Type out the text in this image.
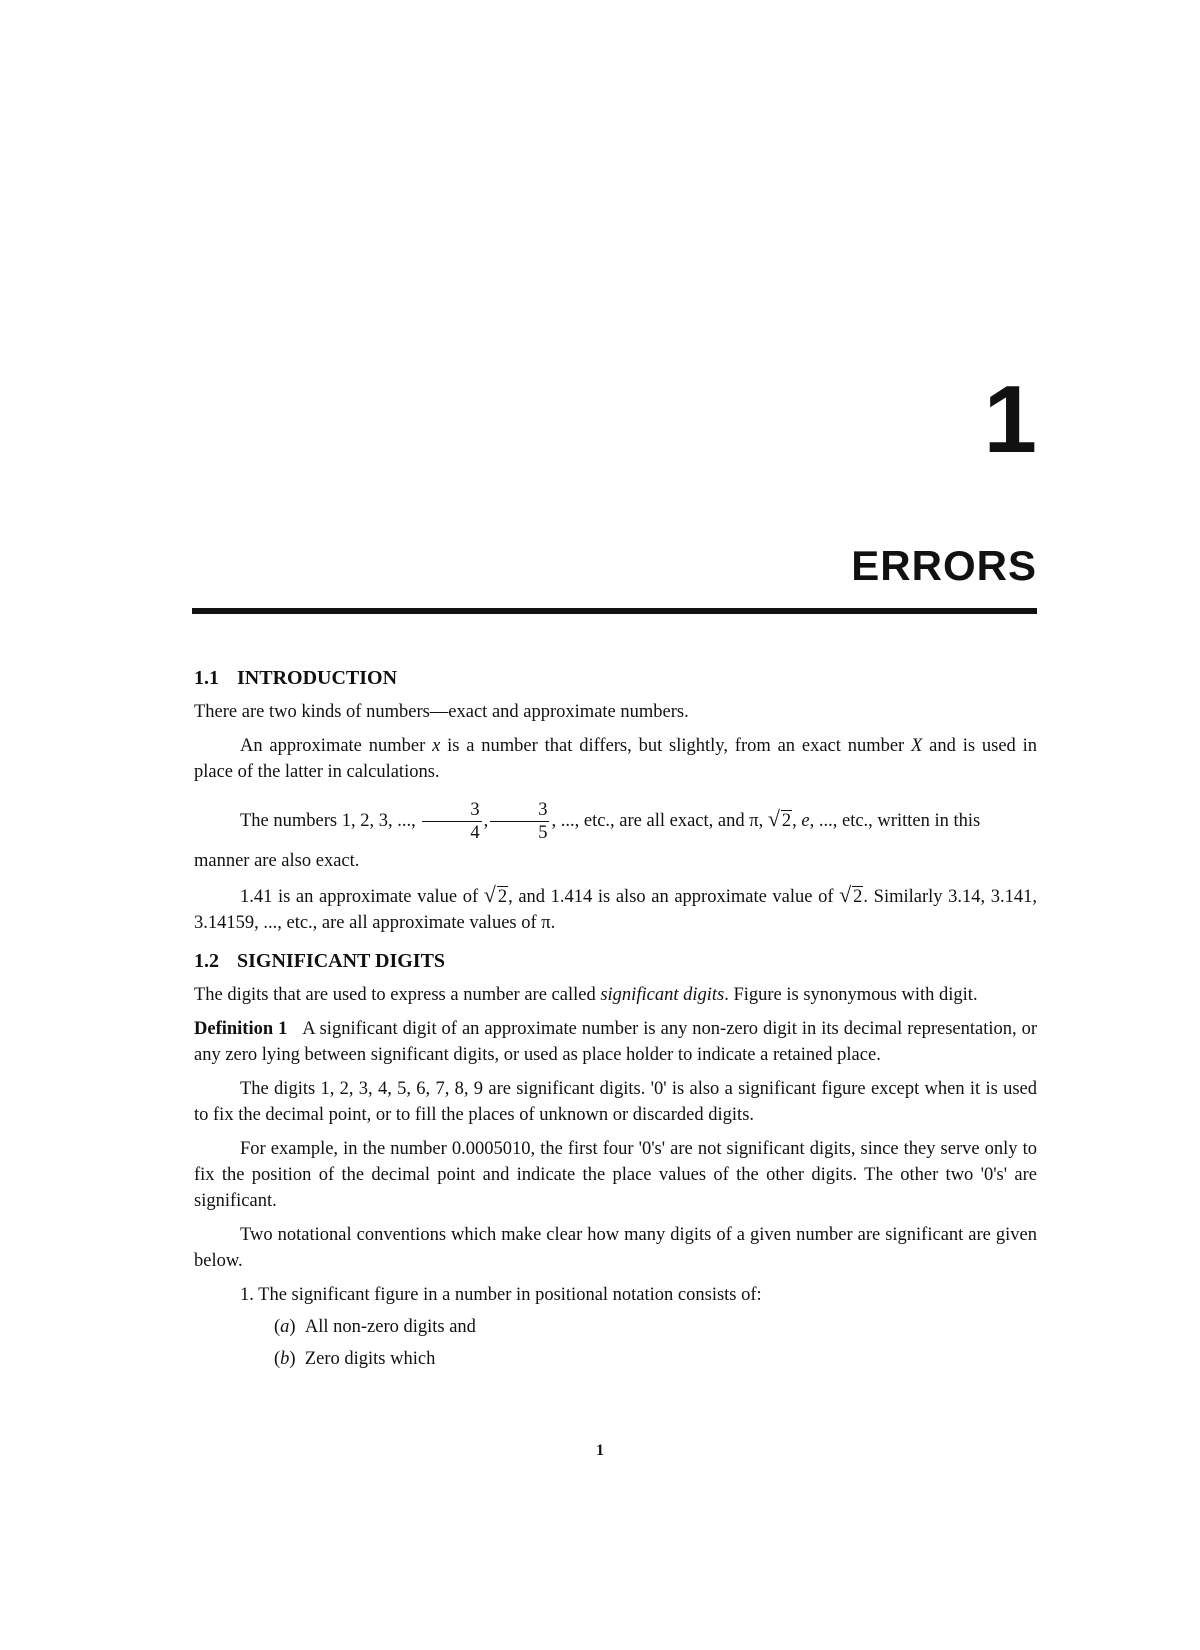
1
ERRORS
1.1 INTRODUCTION

There are two kinds of numbers—exact and approximate numbers.

An approximate number x is a number that differs, but slightly, from an exact number X and is used in place of the latter in calculations.

The numbers 1, 2, 3, ..., $\frac{3}{4}$ , $\frac{3}{5}$ , ..., etc., are all exact, and π, √ 2, e, ..., etc., written in this

manner are also exact.

1.41 is an approximate value of √ 2, and 1.414 is also an approximate value of √ 2. Similarly 3.14, 3.141, 3.14159, ..., etc., are all approximate values of π.

1.2 SIGNIFICANT DIGITS

The digits that are used to express a number are called significant digits. Figure is synonymous with digit.

Definition 1 A significant digit of an approximate number is any non-zero digit in its decimal representation, or any zero lying between significant digits, or used as place holder to indicate a retained place.

The digits 1, 2, 3, 4, 5, 6, 7, 8, 9 are significant digits. '0' is also a significant figure except when it is used to fix the decimal point, or to fill the places of unknown or discarded digits.

For example, in the number 0.0005010, the first four '0's' are not significant digits, since they serve only to fix the position of the decimal point and indicate the place values of the other digits. The other two '0's' are significant.

Two notational conventions which make clear how many digits of a given number are significant are given below.

1. The significant figure in a number in positional notation consists of:

(a)  All non-zero digits and

(b)  Zero digits which

1
